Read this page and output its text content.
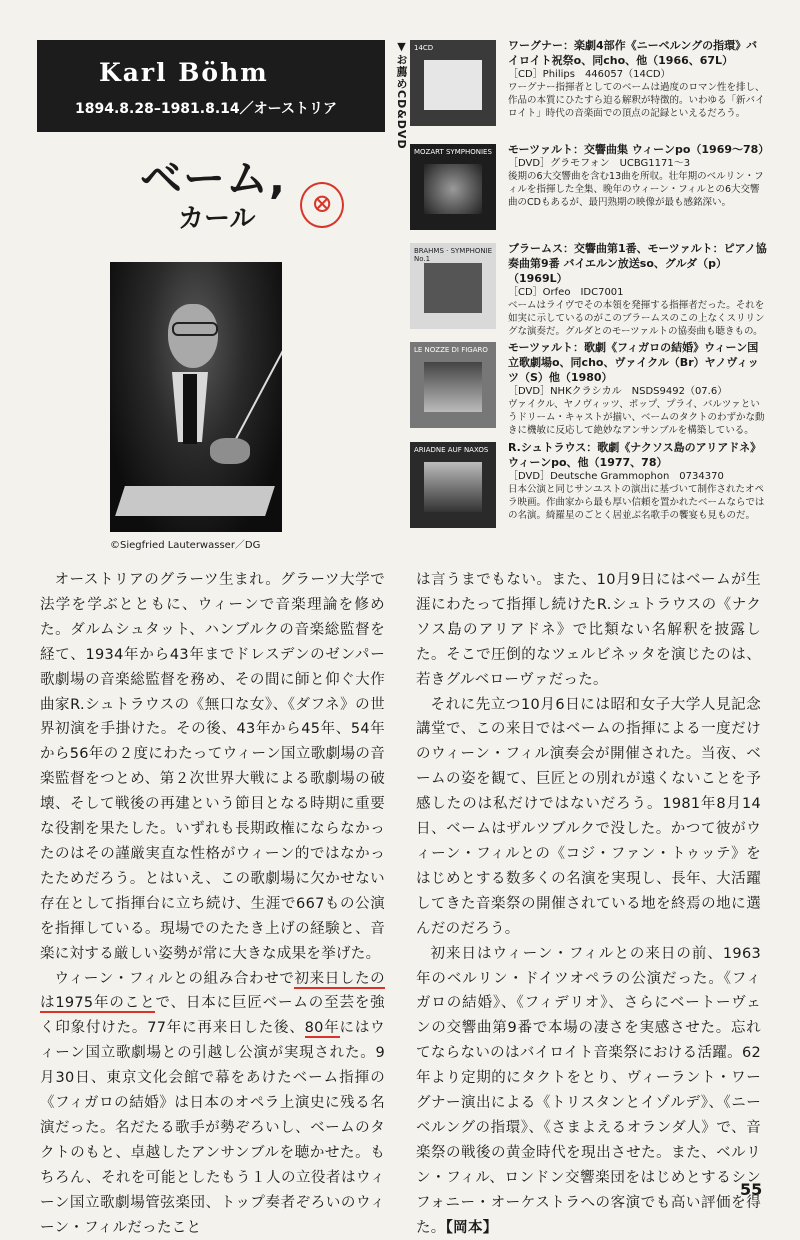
Karl Böhm
1894.8.28–1981.8.14／オーストリア
ベーム,
カール	⊗
©Siegfried Lauterwasser／DG
▼お薦めCD&DVD 14CD	ワーグナー：楽劇4部作《ニーベルングの指環》バイロイト祝祭o、同cho、他（1966、67L）
［CD］Philips　446057（14CD）
ワーグナー指揮者としてのベームは過度のロマン性を排し、作品の本質にひたすら迫る解釈が特徴的。いわゆる「新バイロイト」時代の音楽面での頂点の記録といえるだろう。
MOZART SYMPHONIES モーツァルト：交響曲集 ウィーンpo（1969〜78）
［DVD］グラモフォン　UCBG1171〜3
後期の6大交響曲を含む13曲を所収。壮年期のベルリン・フィルを指揮した全集、晩年のウィーン・フィルとの6大交響曲のCDもあるが、最円熟期の映像が最も感銘深い。
BRAHMS · SYMPHONIE No.1
ブラームス：交響曲第1番、モーツァルト：ピアノ協奏曲第9番 バイエルン放送so、グルダ（p）（1969L）
［CD］Orfeo　IDC7001
ベームはライヴでその本領を発揮する指揮者だった。それを如実に示しているのがこのブラームスのこの上なくスリリングな演奏だ。グルダとのモーツァルトの協奏曲も聴きもの。
LE NOZZE DI FIGARO モーツァルト：歌劇《フィガロの結婚》ウィーン国立歌劇場o、同cho、ヴァイクル（Br）ヤノヴィッツ（S）他（1980）
［DVD］NHKクラシカル　NSDS9492（07.6）
ヴァイクル、ヤノヴィッツ、ポップ、プライ、バルツァというドリーム・キャストが揃い、ベームのタクトのわずかな動きに機敏に反応して絶妙なアンサンブルを構築している。
ARIADNE AUF NAXOS R.シュトラウス：歌劇《ナクソス島のアリアドネ》ウィーンpo、他（1977、78）
［DVD］Deutsche Grammophon　0734370
日本公演と同じサンユストの演出に基づいて制作されたオペラ映画。作曲家から最も厚い信頼を置かれたベームならではの名演。綺羅星のごとく居並ぶ名歌手の饗宴も見ものだ。

オーストリアのグラーツ生まれ。グラーツ大学で法学を学ぶとともに、ウィーンで音楽理論を修めた。ダルムシュタット、ハンブルクの音楽総監督を経て、1934年から43年までドレスデンのゼンパー歌劇場の音楽総監督を務め、その間に師と仰ぐ大作曲家R.シュトラウスの《無口な女》、《ダフネ》の世界初演を手掛けた。その後、43年から45年、54年から56年の２度にわたってウィーン国立歌劇場の音楽監督をつとめ、第２次世界大戦による歌劇場の破壊、そして戦後の再建という節目となる時期に重要な役割を果たした。いずれも長期政権にならなかったのはその謹厳実直な性格がウィーン的ではなかったためだろう。とはいえ、この歌劇場に欠かせない存在として指揮台に立ち続け、生涯で667もの公演を指揮している。現場でのたたき上げの経験と、音楽に対する厳しい姿勢が常に大きな成果を挙げた。

ウィーン・フィルとの組み合わせで初来日したのは1975年のことで、日本に巨匠ベームの至芸を強く印象付けた。77年に再来日した後、80年にはウィーン国立歌劇場との引越し公演が実現された。9月30日、東京文化会館で幕をあけたベーム指揮の《フィガロの結婚》は日本のオペラ上演史に残る名演だった。名だたる歌手が勢ぞろいし、ベームのタクトのもと、卓越したアンサンブルを聴かせた。もちろん、それを可能としたもう１人の立役者はウィーン国立歌劇場管弦楽団、トップ奏者ぞろいのウィーン・フィルだったこと

は言うまでもない。また、10月9日にはベームが生涯にわたって指揮し続けたR.シュトラウスの《ナクソス島のアリアドネ》で比類ない名解釈を披露した。そこで圧倒的なツェルビネッタを演じたのは、若きグルベローヴァだった。

それに先立つ10月6日には昭和女子大学人見記念講堂で、この来日ではベームの指揮による一度だけのウィーン・フィル演奏会が開催された。当夜、ベームの姿を観て、巨匠との別れが遠くないことを予感したのは私だけではないだろう。1981年8月14日、ベームはザルツブルクで没した。かつて彼がウィーン・フィルとの《コジ・ファン・トゥッテ》をはじめとする数多くの名演を実現し、長年、大活躍してきた音楽祭の開催されている地を終焉の地に選んだのだろう。

初来日はウィーン・フィルとの来日の前、1963年のベルリン・ドイツオペラの公演だった。《フィガロの結婚》、《フィデリオ》、さらにベートーヴェンの交響曲第9番で本場の凄さを実感させた。忘れてならないのはバイロイト音楽祭における活躍。62年より定期的にタクトをとり、ヴィーラント・ワーグナー演出による《トリスタンとイゾルデ》、《ニーベルングの指環》、《さまよえるオランダ人》で、音楽祭の戦後の黄金時代を現出させた。また、ベルリン・フィル、ロンドン交響楽団をはじめとするシンフォニー・オーケストラへの客演でも高い評価を得た。【岡本】

55
